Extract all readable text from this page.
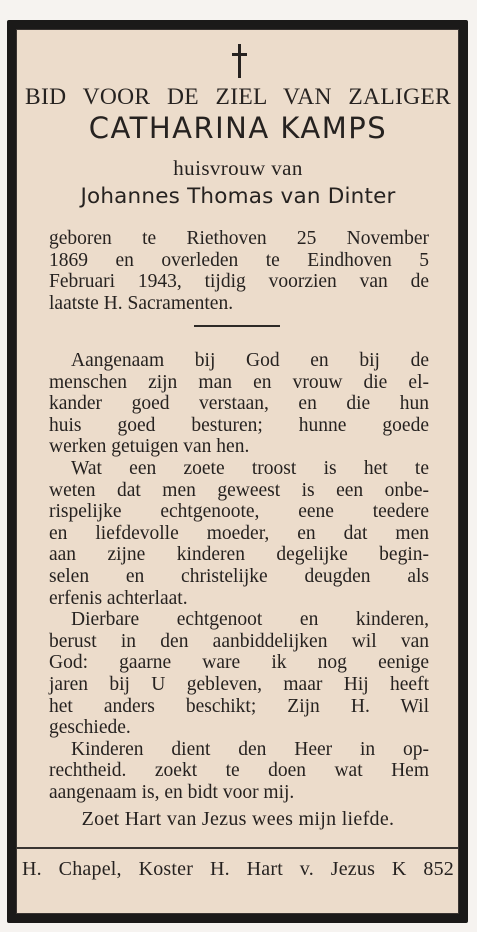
BID VOOR DE ZIEL VAN ZALIGER
CATHARINA KAMPS
huisvrouw van
Johannes Thomas van Dinter
geboren te Riethoven 25 November
1869 en overleden te Eindhoven 5
Februari 1943, tijdig voorzien van de
laatste H. Sacramenten.
Aangenaam bij God en bij de
menschen zijn man en vrouw die el-
kander goed verstaan, en die hun
huis goed besturen; hunne goede
werken getuigen van hen.
Wat een zoete troost is het te
weten dat men geweest is een onbe-
rispelijke echtgenoote, eene teedere
en liefdevolle moeder, en dat men
aan zijne kinderen degelijke begin-
selen en christelijke deugden als
erfenis achterlaat.
Dierbare echtgenoot en kinderen,
berust in den aanbiddelijken wil van
God: gaarne ware ik nog eenige
jaren bij U gebleven, maar Hij heeft
het anders beschikt; Zijn H. Wil
geschiede.
Kinderen dient den Heer in op-
rechtheid. zoekt te doen wat Hem
aangenaam is, en bidt voor mij.
Zoet Hart van Jezus wees mijn liefde.
H. Chapel, Koster H. Hart v. Jezus K 852
